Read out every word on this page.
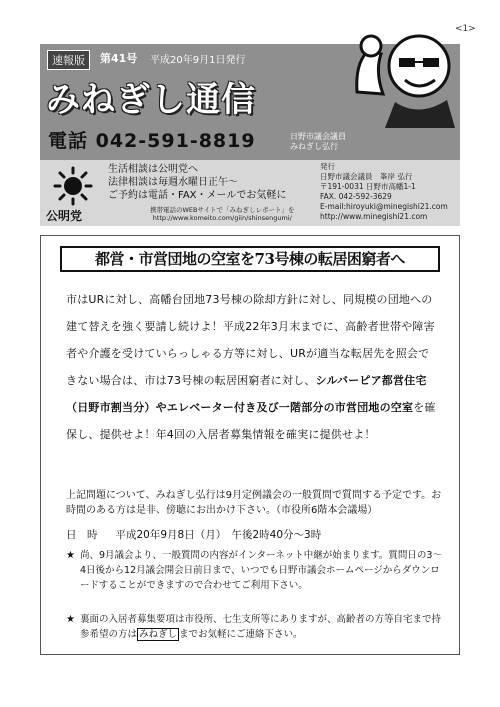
<1>
速報版	第41号 平成20年9月1日発行
みねぎし通信
電話 042-591-8819	日野市議会議員
みねぎし弘行
公明党
生活相談は公明党へ
法律相談は毎週水曜日正午～
ご予約は電話・FAX・メールでお気軽に
携帯電話のWEBサイトで「みねぎしレポート」を
http://www.komeito.com/giin/shinsengumi/
発行
日野市議会議員　峯岸 弘行
〒191-0031 日野市高幡1-1
FAX. 042-592-3629
E-mail:hiroyuki@minegishi21.com
http://www.minegishi21.com
都営・市営団地の空室を73号棟の転居困窮者へ
市はURに対し、高幡台団地73号棟の除却方針に対し、同規模の団地への建て替えを強く要請し続けよ！平成22年3月末までに、高齢者世帯や障害者や介護を受けていらっしゃる方等に対し、URが適当な転居先を照会できない場合は、市は73号棟の転居困窮者に対し、シルバーピア都営住宅（日野市割当分）やエレベーター付き及び一階部分の市営団地の空室を確保し、提供せよ！年4回の入居者募集情報を確実に提供せよ！
上記問題について、みねぎし弘行は9月定例議会の一般質問で質問する予定です。お時間のある方は是非、傍聴にお出かけ下さい。（市役所6階本会議場）
日　時 平成20年9月8日（月）　午後2時40分～3時
★ 尚、9月議会より、一般質問の内容がインターネット中継が始まります。質問日の3～4日後から12月議会開会日前日まで、いつでも日野市議会ホームページからダウンロードすることができますので合わせてご利用下さい。
★ 裏面の入居者募集要項は市役所、七生支所等にありますが、高齢者の方等自宅まで持参希望の方は みねぎし までお気軽にご連絡下さい。
